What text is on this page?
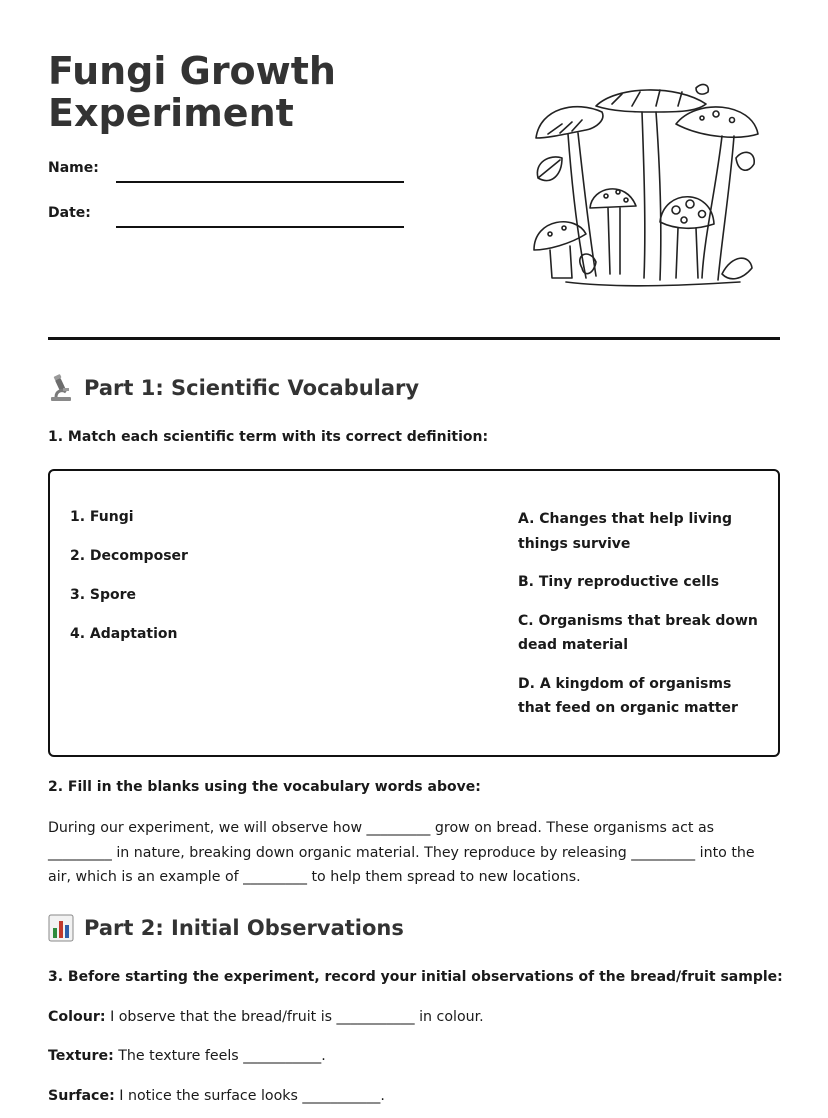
Fungi Growth Experiment
Name:
Date:
Part 1: Scientific Vocabulary
1. Match each scientific term with its correct definition:
1. Fungi
2. Decomposer
3. Spore
4. Adaptation
A. Changes that help living things survive
B. Tiny reproductive cells
C. Organisms that break down dead material
D. A kingdom of organisms that feed on organic matter
2. Fill in the blanks using the vocabulary words above:
During our experiment, we will observe how _________ grow on bread. These organisms act as _________ in nature, breaking down organic material. They reproduce by releasing _________ into the air, which is an example of _________ to help them spread to new locations.
Part 2: Initial Observations
3. Before starting the experiment, record your initial observations of the bread/fruit sample:
Colour: I observe that the bread/fruit is ___________ in colour.
Texture: The texture feels ___________.
Surface: I notice the surface looks ___________.
